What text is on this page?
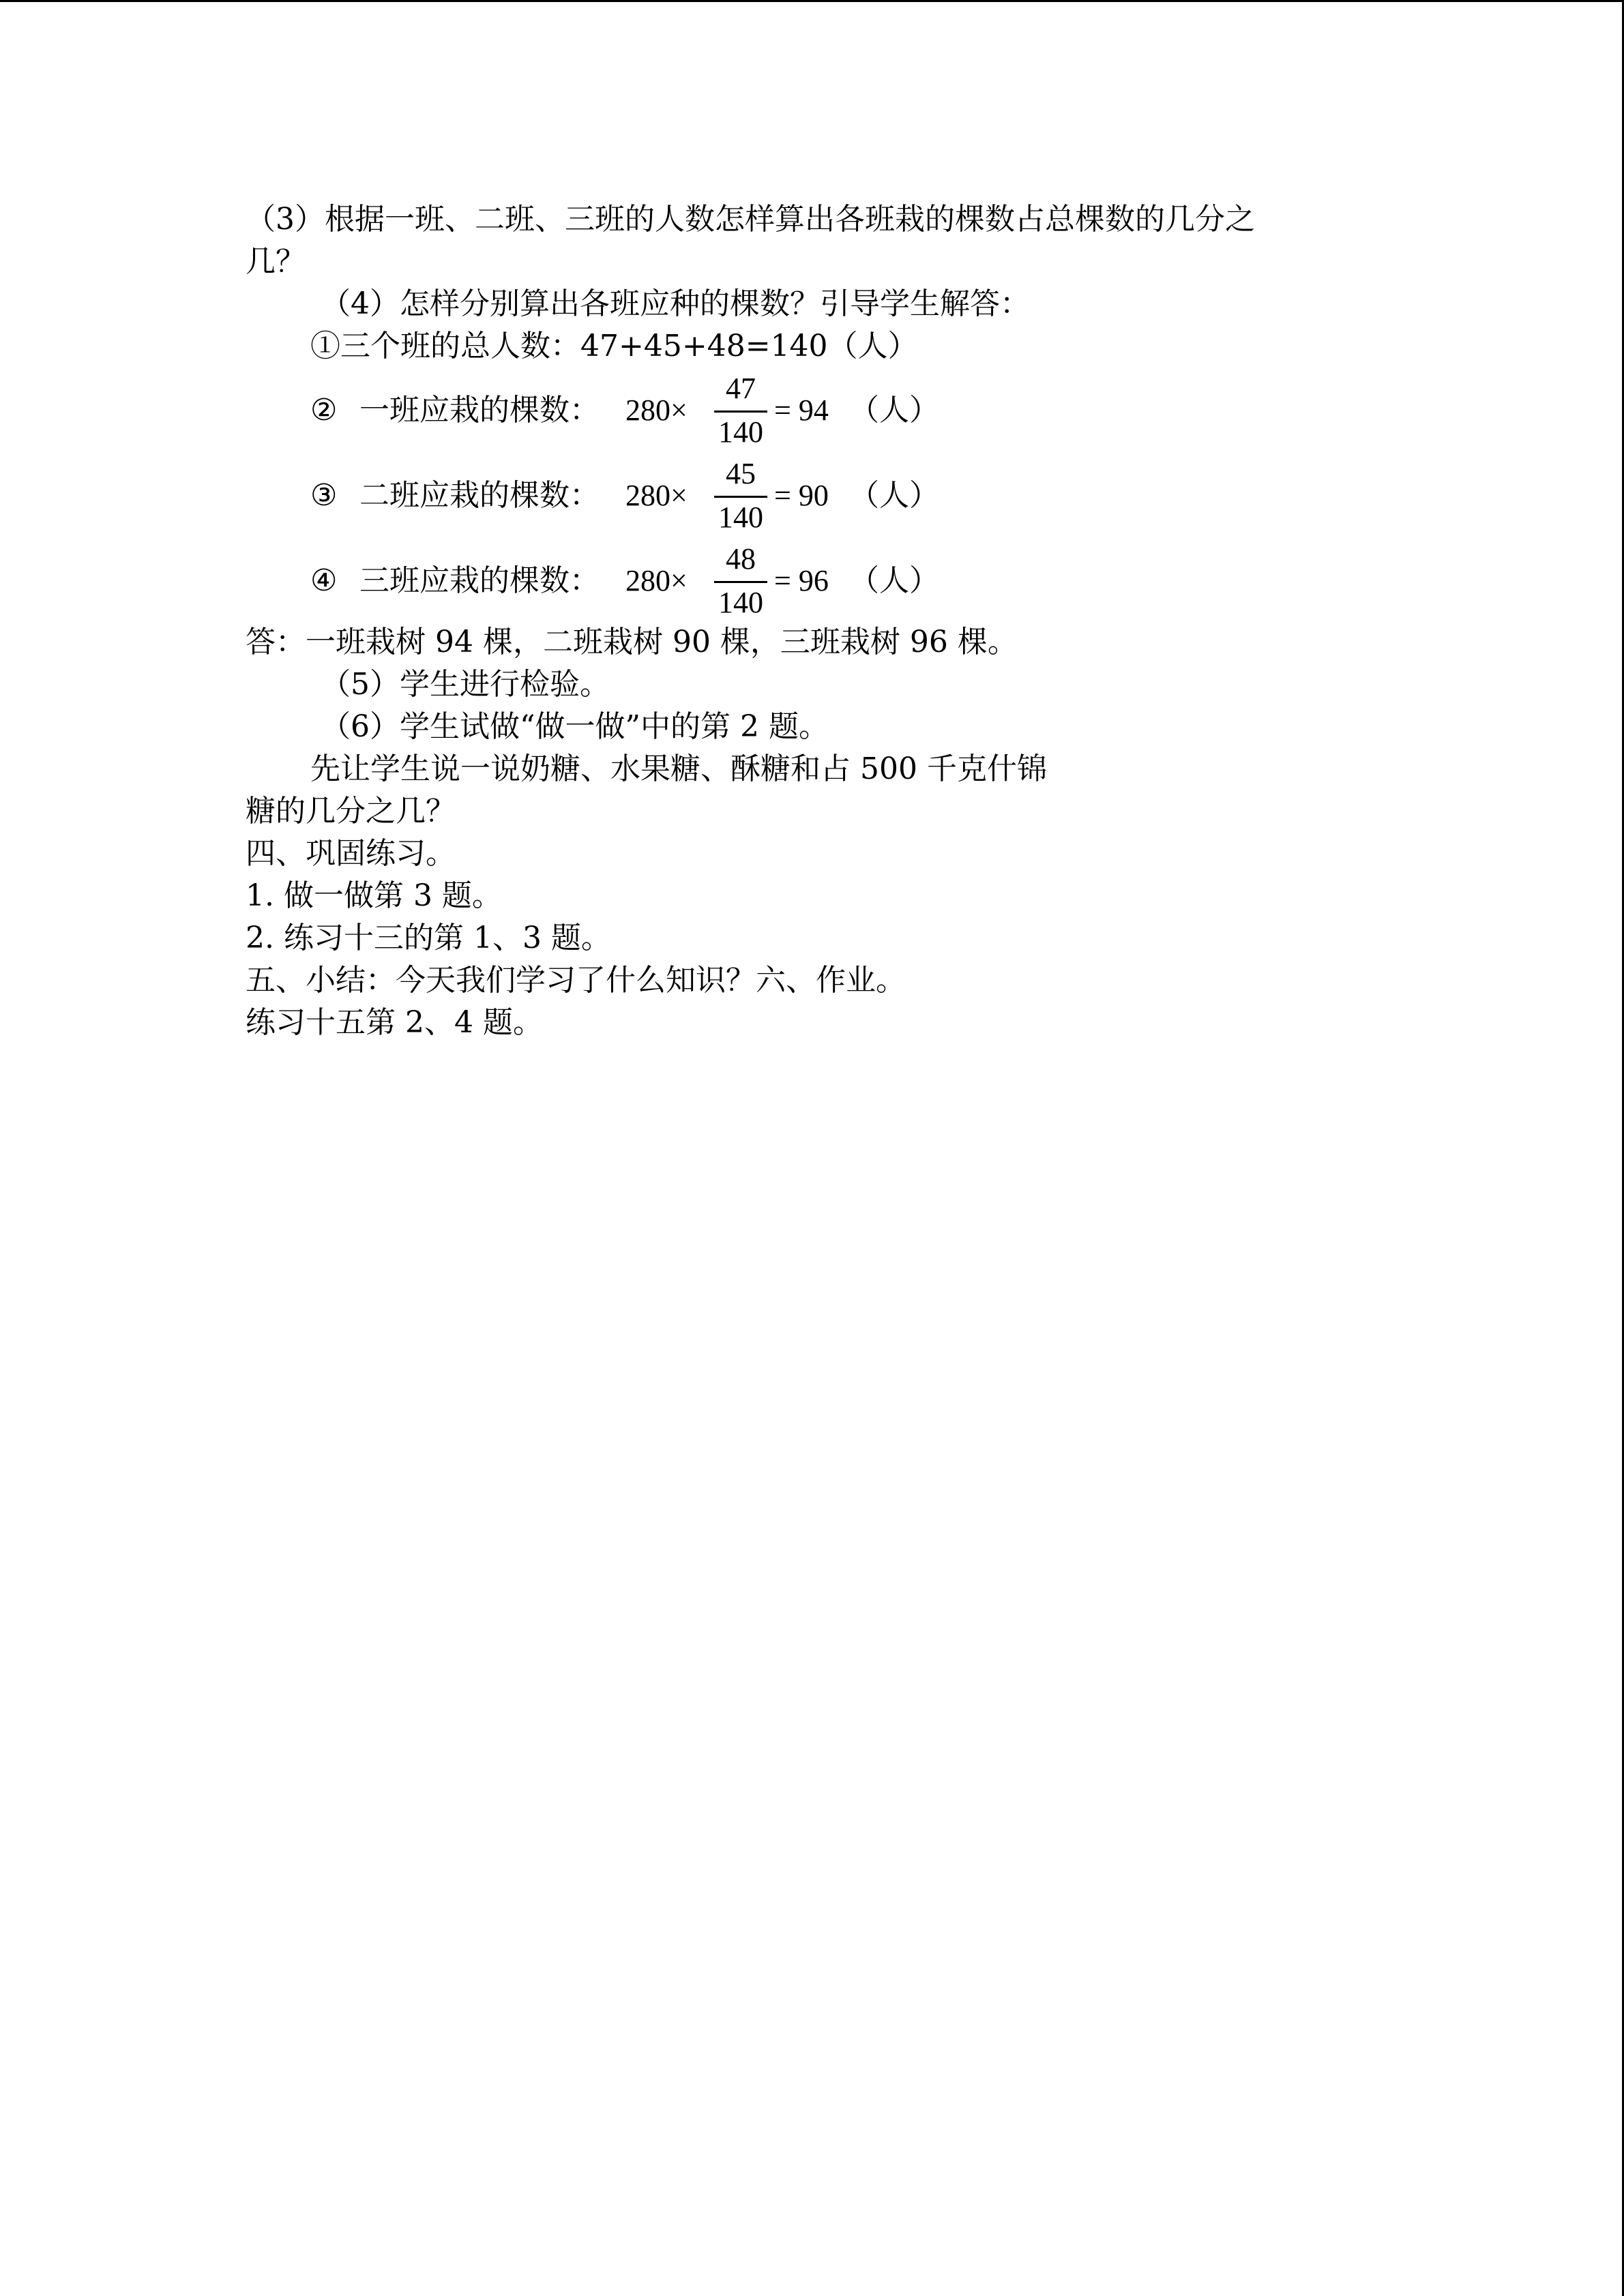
（3）根据一班、二班、三班的人数怎样算出各班栽的棵数占总棵数的几分之
几？
（4）怎样分别算出各班应种的棵数？引导学生解答：
①三个班的总人数：47+45+48=140（人）
② 一班应栽的棵数： 280×
47
140
= 94 （人）
③ 二班应栽的棵数： 280×
45
140
= 90 （人）
④ 三班应栽的棵数： 280×
48
140
= 96 （人）
答：一班栽树 94 棵，二班栽树 90 棵，三班栽树 96 棵。
（5）学生进行检验。
（6）学生试做“做一做”中的第 2 题。
先让学生说一说奶糖、水果糖、酥糖和占 500 千克什锦
糖的几分之几？
四、巩固练习。
1. 做一做第 3 题。
2. 练习十三的第 1、3 题。
五、小结：今天我们学习了什么知识？六、作业。
练习十五第 2、4 题。
